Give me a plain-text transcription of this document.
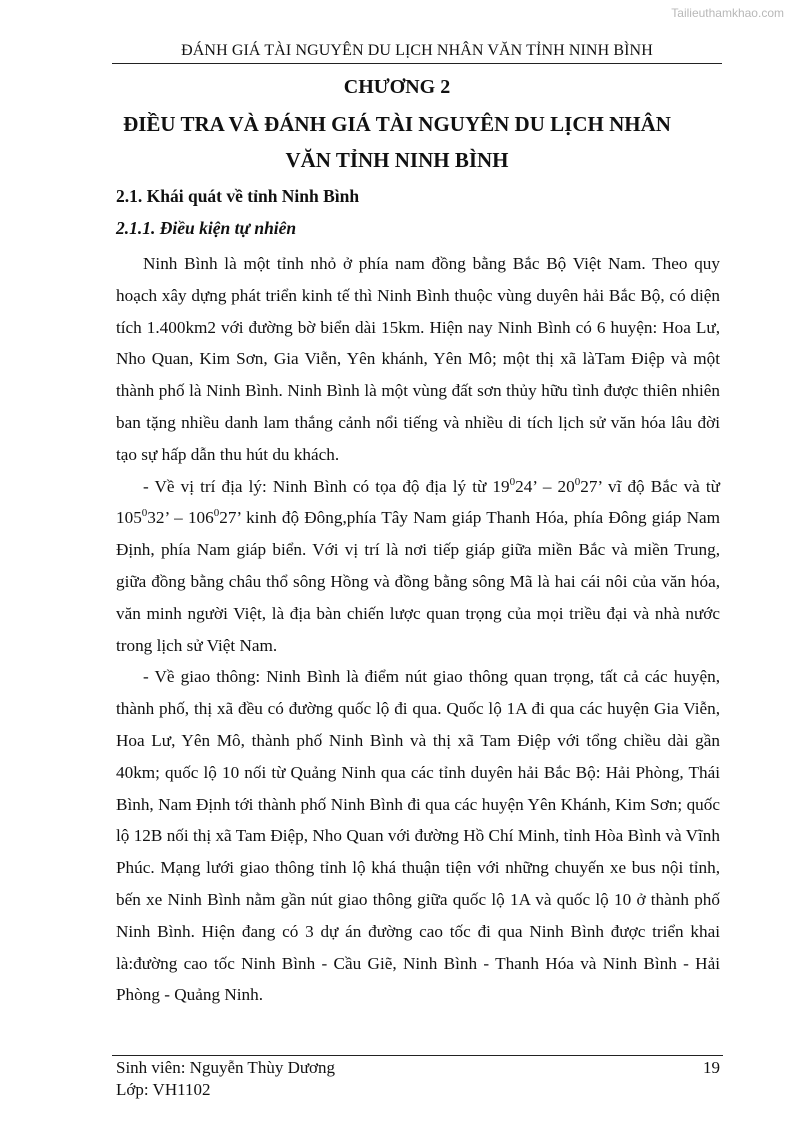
Tailieuthamkhao.com
ĐÁNH GIÁ TÀI NGUYÊN DU LỊCH NHÂN VĂN TỈNH NINH BÌNH
CHƯƠNG 2
ĐIỀU TRA VÀ ĐÁNH GIÁ TÀI NGUYÊN DU LỊCH NHÂN
VĂN TỈNH NINH BÌNH
2.1. Khái quát về tỉnh Ninh Bình
2.1.1. Điều kiện tự nhiên

Ninh Bình là một tỉnh nhỏ ở phía nam đồng bằng Bắc Bộ Việt Nam. Theo quy hoạch xây dựng phát triển kinh tế thì Ninh Bình thuộc vùng duyên hải Bắc Bộ, có diện tích 1.400km2 với đường bờ biển dài 15km. Hiện nay Ninh Bình có 6 huyện: Hoa Lư, Nho Quan, Kim Sơn, Gia Viễn, Yên khánh, Yên Mô; một thị xã làTam Điệp và một thành phố là Ninh Bình. Ninh Bình là một vùng đất sơn thủy hữu tình được thiên nhiên ban tặng nhiều danh lam thắng cảnh nổi tiếng và nhiều di tích lịch sử văn hóa lâu đời tạo sự hấp dẫn thu hút du khách.

- Về vị trí địa lý: Ninh Bình có tọa độ địa lý từ $19^024$’ – $20^027$’ vĩ độ Bắc và từ $105^032$’ – $106^027$’ kinh độ Đông,phía Tây Nam giáp Thanh Hóa, phía Đông giáp Nam Định, phía Nam giáp biển. Với vị trí là nơi tiếp giáp giữa miền Bắc và miền Trung, giữa đồng bằng châu thổ sông Hồng và đồng bằng sông Mã là hai cái nôi của văn hóa, văn minh người Việt, là địa bàn chiến lược quan trọng của mọi triều đại và nhà nước trong lịch sử Việt Nam.

- Về giao thông: Ninh Bình là điểm nút giao thông quan trọng, tất cả các huyện, thành phố, thị xã đều có đường quốc lộ đi qua. Quốc lộ 1A đi qua các huyện Gia Viễn, Hoa Lư, Yên Mô, thành phố Ninh Bình và thị xã Tam Điệp với tổng chiều dài gần 40km; quốc lộ 10 nối từ Quảng Ninh qua các tỉnh duyên hải Bắc Bộ: Hải Phòng, Thái Bình, Nam Định tới thành phố Ninh Bình đi qua các huyện Yên Khánh, Kim Sơn; quốc lộ 12B nối thị xã Tam Điệp, Nho Quan với đường Hồ Chí Minh, tỉnh Hòa Bình và Vĩnh Phúc. Mạng lưới giao thông tỉnh lộ khá thuận tiện với những chuyến xe bus nội tỉnh, bến xe Ninh Bình nằm gần nút giao thông giữa quốc lộ 1A và quốc lộ 10 ở thành phố Ninh Bình. Hiện đang có 3 dự án đường cao tốc đi qua Ninh Bình được triển khai là:đường cao tốc Ninh Bình - Cầu Giẽ, Ninh Bình - Thanh Hóa và Ninh Bình - Hải Phòng - Quảng Ninh.

Sinh viên: Nguyễn Thùy Dương	19
Lớp: VH1102
